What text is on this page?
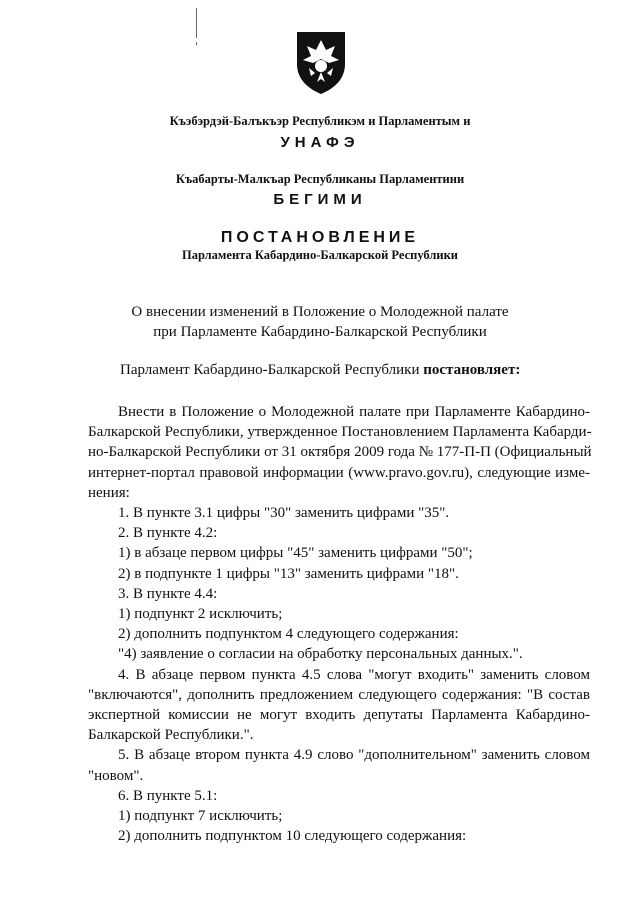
Къэбэрдэй-Балъкъэр Республикэм и Парламентым и
УНАФЭ
Къабарты-Малкъар Республиканы Парламентини
БЕГИМИ
ПОСТАНОВЛЕНИЕ
Парламента Кабардино-Балкарской Республики
О внесении изменений в Положение о Молодежной палате
при Парламенте Кабардино-Балкарской Республики
Парламент Кабардино-Балкарской Республики постановляет:
Внести в Положение о Молодежной палате при Парламенте Кабардино-
Балкарской Республики, утвержденное Постановлением Парламента Кабарди-
но-Балкарской Республики от 31 октября 2009 года № 177-П-П (Официальный
интернет-портал правовой информации (www.pravo.gov.ru), следующие изме-
нения:
1. В пункте 3.1 цифры "30" заменить цифрами "35".
2. В пункте 4.2:
1) в абзаце первом цифры "45" заменить цифрами "50";
2) в подпункте 1 цифры "13" заменить цифрами "18".
3. В пункте 4.4:
1) подпункт 2 исключить;
2) дополнить подпунктом 4 следующего содержания:
"4) заявление о согласии на обработку персональных данных.".
4. В абзаце первом пункта 4.5 слова "могут входить" заменить словом
"включаются", дополнить предложением следующего содержания: "В состав
экспертной комиссии не могут входить депутаты Парламента Кабардино-
Балкарской Республики.".
5. В абзаце втором пункта 4.9 слово "дополнительном" заменить словом
"новом".
6. В пункте 5.1:
1) подпункт 7 исключить;
2) дополнить подпунктом 10 следующего содержания:
